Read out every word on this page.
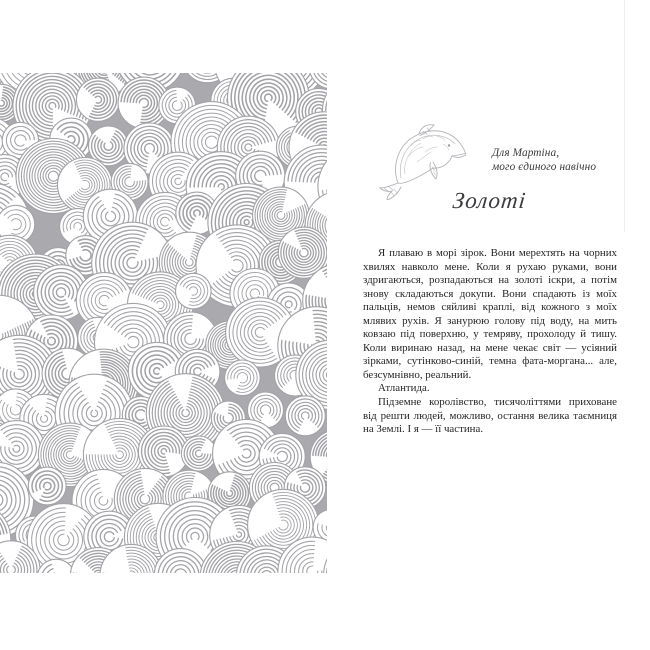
Для Мартіна,
мого єдиного навічно
Золоті

Я плаваю в морі зірок. Вони мерехтять на чорних хвилях навколо мене. Коли я рухаю руками, вони здригаються, розпадаються на золоті іскри, а потім знову складаються докупи. Вони спадають із моїх пальців, немов сяйливі краплі, від кожного з моїх млявих рухів. Я занурюю голову під воду, на мить ковзаю під поверхню, у темряву, прохолоду й тишу. Коли виринаю назад, на мене чекає світ — усіяний зірками, сутінково-синій, темна фата-моргана... але, безсумнівно, реальний.

Атлантида.

Підземне королівство, тисячоліттями приховане від решти людей, можливо, остання велика таємниця на Землі. І я — її частина.
